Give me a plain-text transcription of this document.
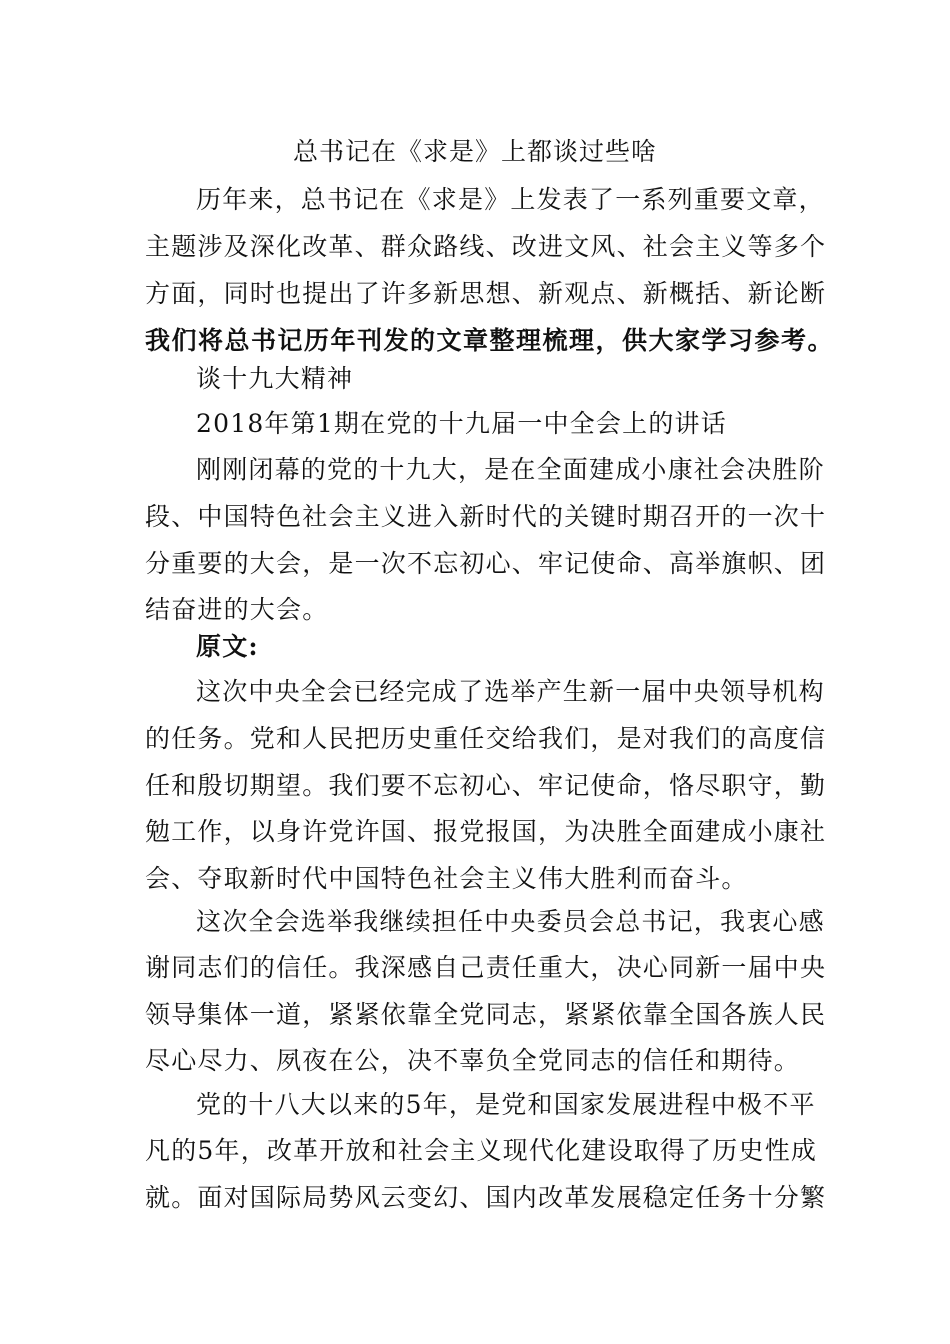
总书记在《求是》上都谈过些啥
历年来，总书记在《求是》上发表了一系列重要文章，
主题涉及深化改革、群众路线、改进文风、社会主义等多个
方面，同时也提出了许多新思想、新观点、新概括、新论断
我们将总书记历年刊发的文章整理梳理，供大家学习参考。
谈十九大精神
2018年第1期在党的十九届一中全会上的讲话
刚刚闭幕的党的十九大，是在全面建成小康社会决胜阶
段、中国特色社会主义进入新时代的关键时期召开的一次十
分重要的大会，是一次不忘初心、牢记使命、高举旗帜、团
结奋进的大会。
原文:
这次中央全会已经完成了选举产生新一届中央领导机构
的任务。党和人民把历史重任交给我们，是对我们的高度信
任和殷切期望。我们要不忘初心、牢记使命，恪尽职守，勤
勉工作，以身许党许国、报党报国，为决胜全面建成小康社
会、夺取新时代中国特色社会主义伟大胜利而奋斗。
这次全会选举我继续担任中央委员会总书记，我衷心感
谢同志们的信任。我深感自己责任重大，决心同新一届中央
领导集体一道，紧紧依靠全党同志，紧紧依靠全国各族人民
尽心尽力、夙夜在公，决不辜负全党同志的信任和期待。
党的十八大以来的5年，是党和国家发展进程中极不平
凡的5年，改革开放和社会主义现代化建设取得了历史性成
就。面对国际局势风云变幻、国内改革发展稳定任务十分繁
